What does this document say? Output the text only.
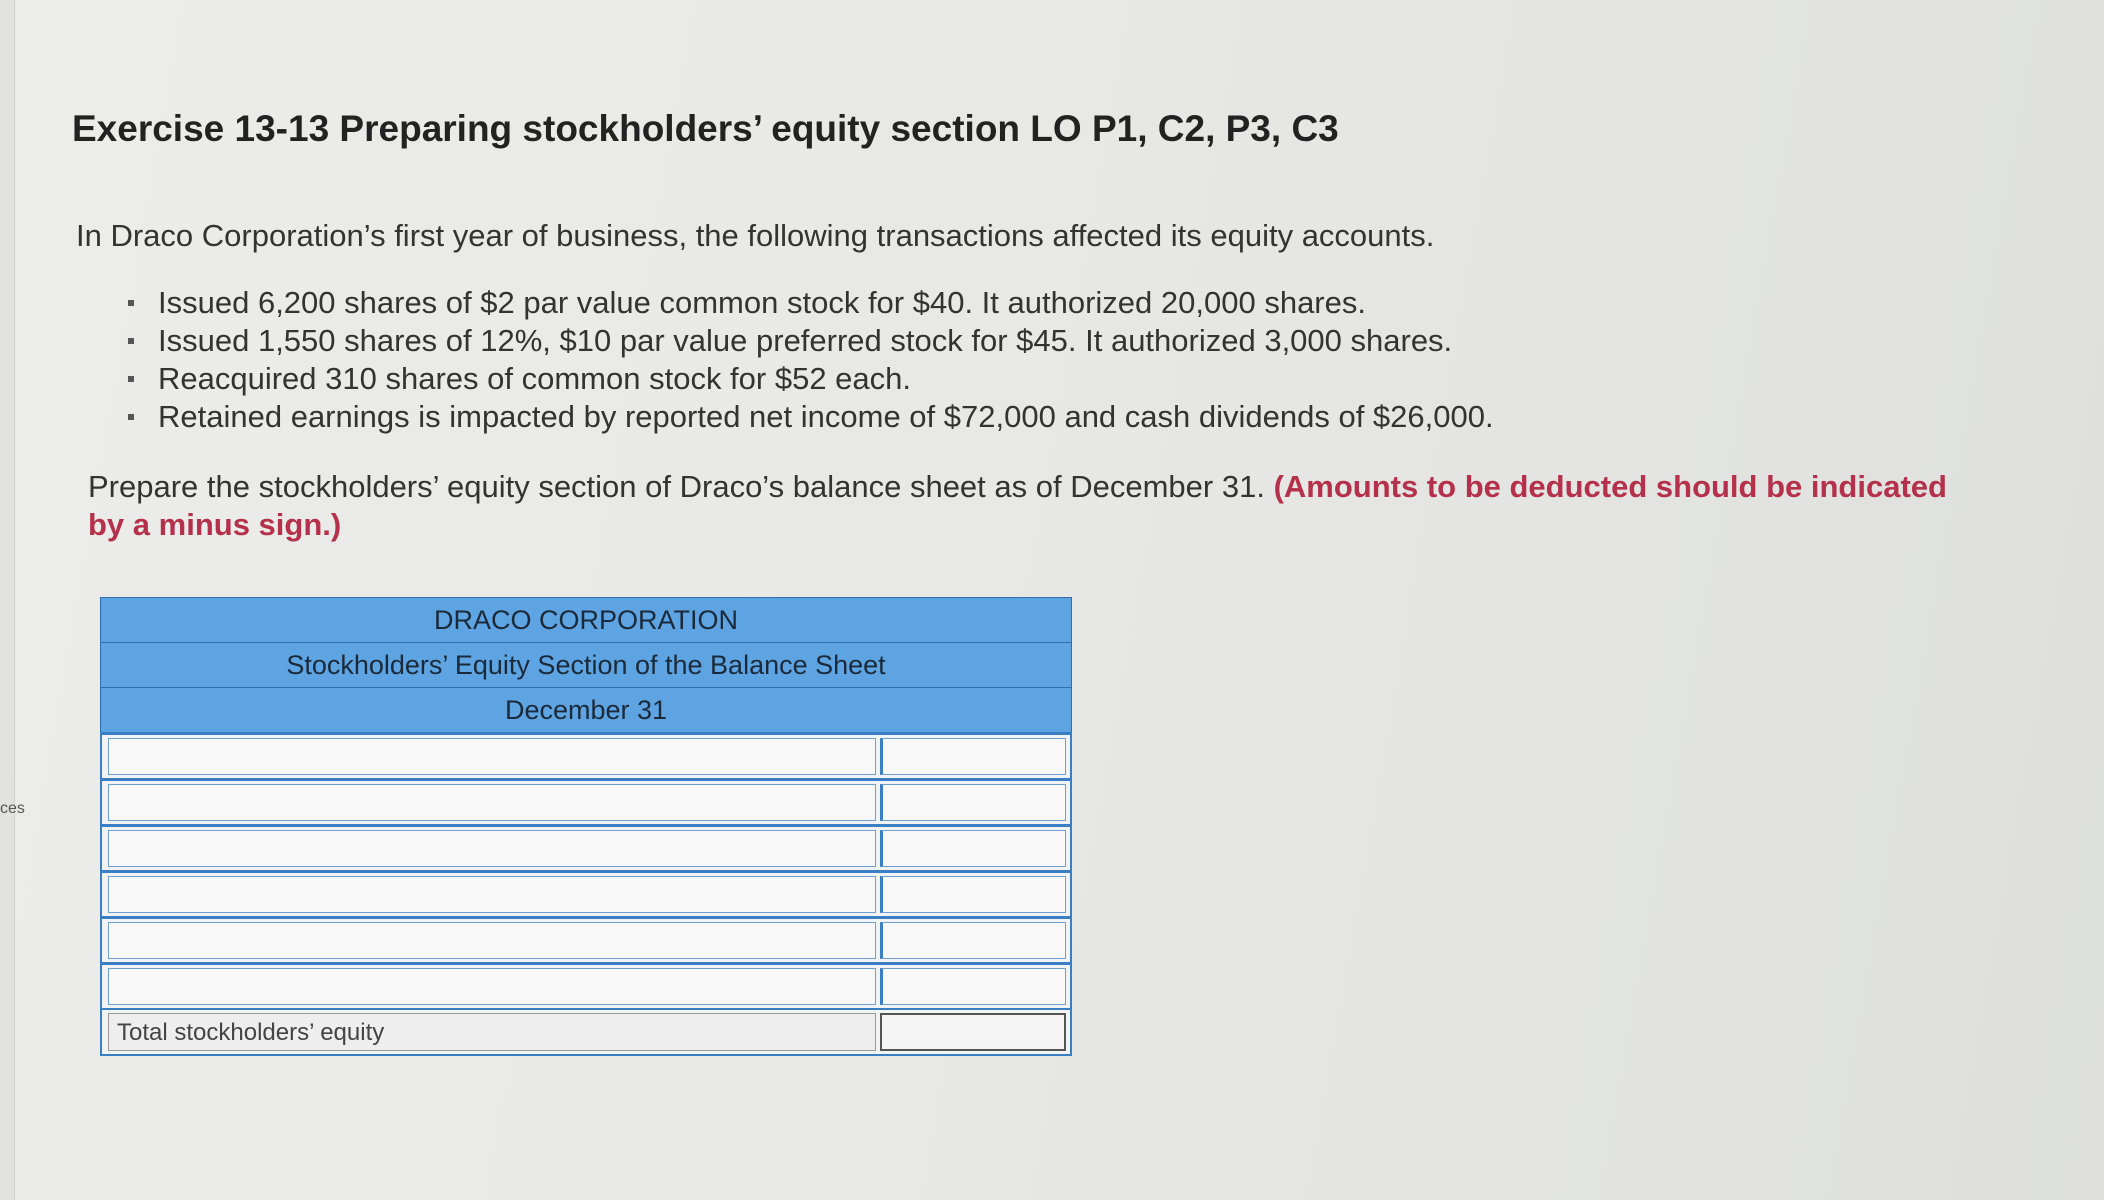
ces
Exercise 13-13 Preparing stockholders’ equity section LO P1, C2, P3, C3
In Draco Corporation’s first year of business, the following transactions affected its equity accounts.
Issued 6,200 shares of $2 par value common stock for $40. It authorized 20,000 shares.
Issued 1,550 shares of 12%, $10 par value preferred stock for $45. It authorized 3,000 shares.
Reacquired 310 shares of common stock for $52 each.
Retained earnings is impacted by reported net income of $72,000 and cash dividends of $26,000.
Prepare the stockholders’ equity section of Draco’s balance sheet as of December 31. (Amounts to be deducted should be indicated by a minus sign.)
DRACO CORPORATION
Stockholders’ Equity Section of the Balance Sheet
December 31
Total stockholders’ equity
